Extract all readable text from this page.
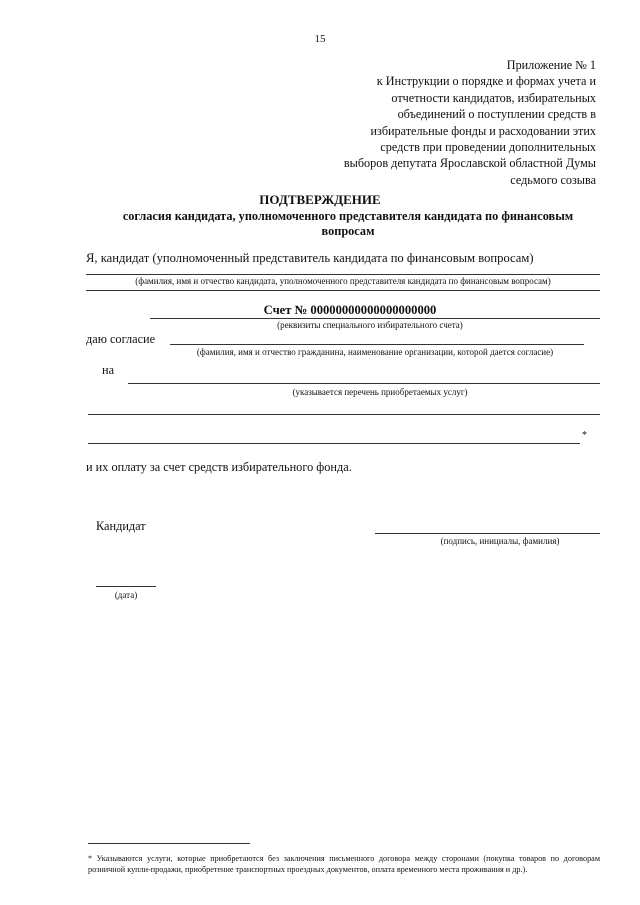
15
Приложение № 1
к Инструкции о порядке и формах учета и
отчетности кандидатов, избирательных
объединений о поступлении средств в
избирательные фонды и расходовании этих
средств при проведении дополнительных
выборов депутата Ярославской областной Думы
седьмого созыва
ПОДТВЕРЖДЕНИЕ
согласия кандидата, уполномоченного представителя кандидата по финансовым вопросам
Я, кандидат (уполномоченный представитель кандидата по финансовым вопросам)
(фамилия, имя и отчество кандидата, уполномоченного представителя кандидата по финансовым вопросам)
Счет № 00000000000000000000
(реквизиты специального избирательного счета)
даю согласие
(фамилия, имя и отчество гражданина, наименование организации, которой дается согласие)
на
(указывается перечень приобретаемых услуг)
*
и их оплату за счет средств избирательного фонда.
Кандидат
(подпись, инициалы, фамилия)
(дата)
* Указываются услуги, которые приобретаются без заключения письменного договора между сторонами (покупка товаров по договорам розничной купли-продажи, приобретение транспортных проездных документов, оплата временного места проживания и др.).
